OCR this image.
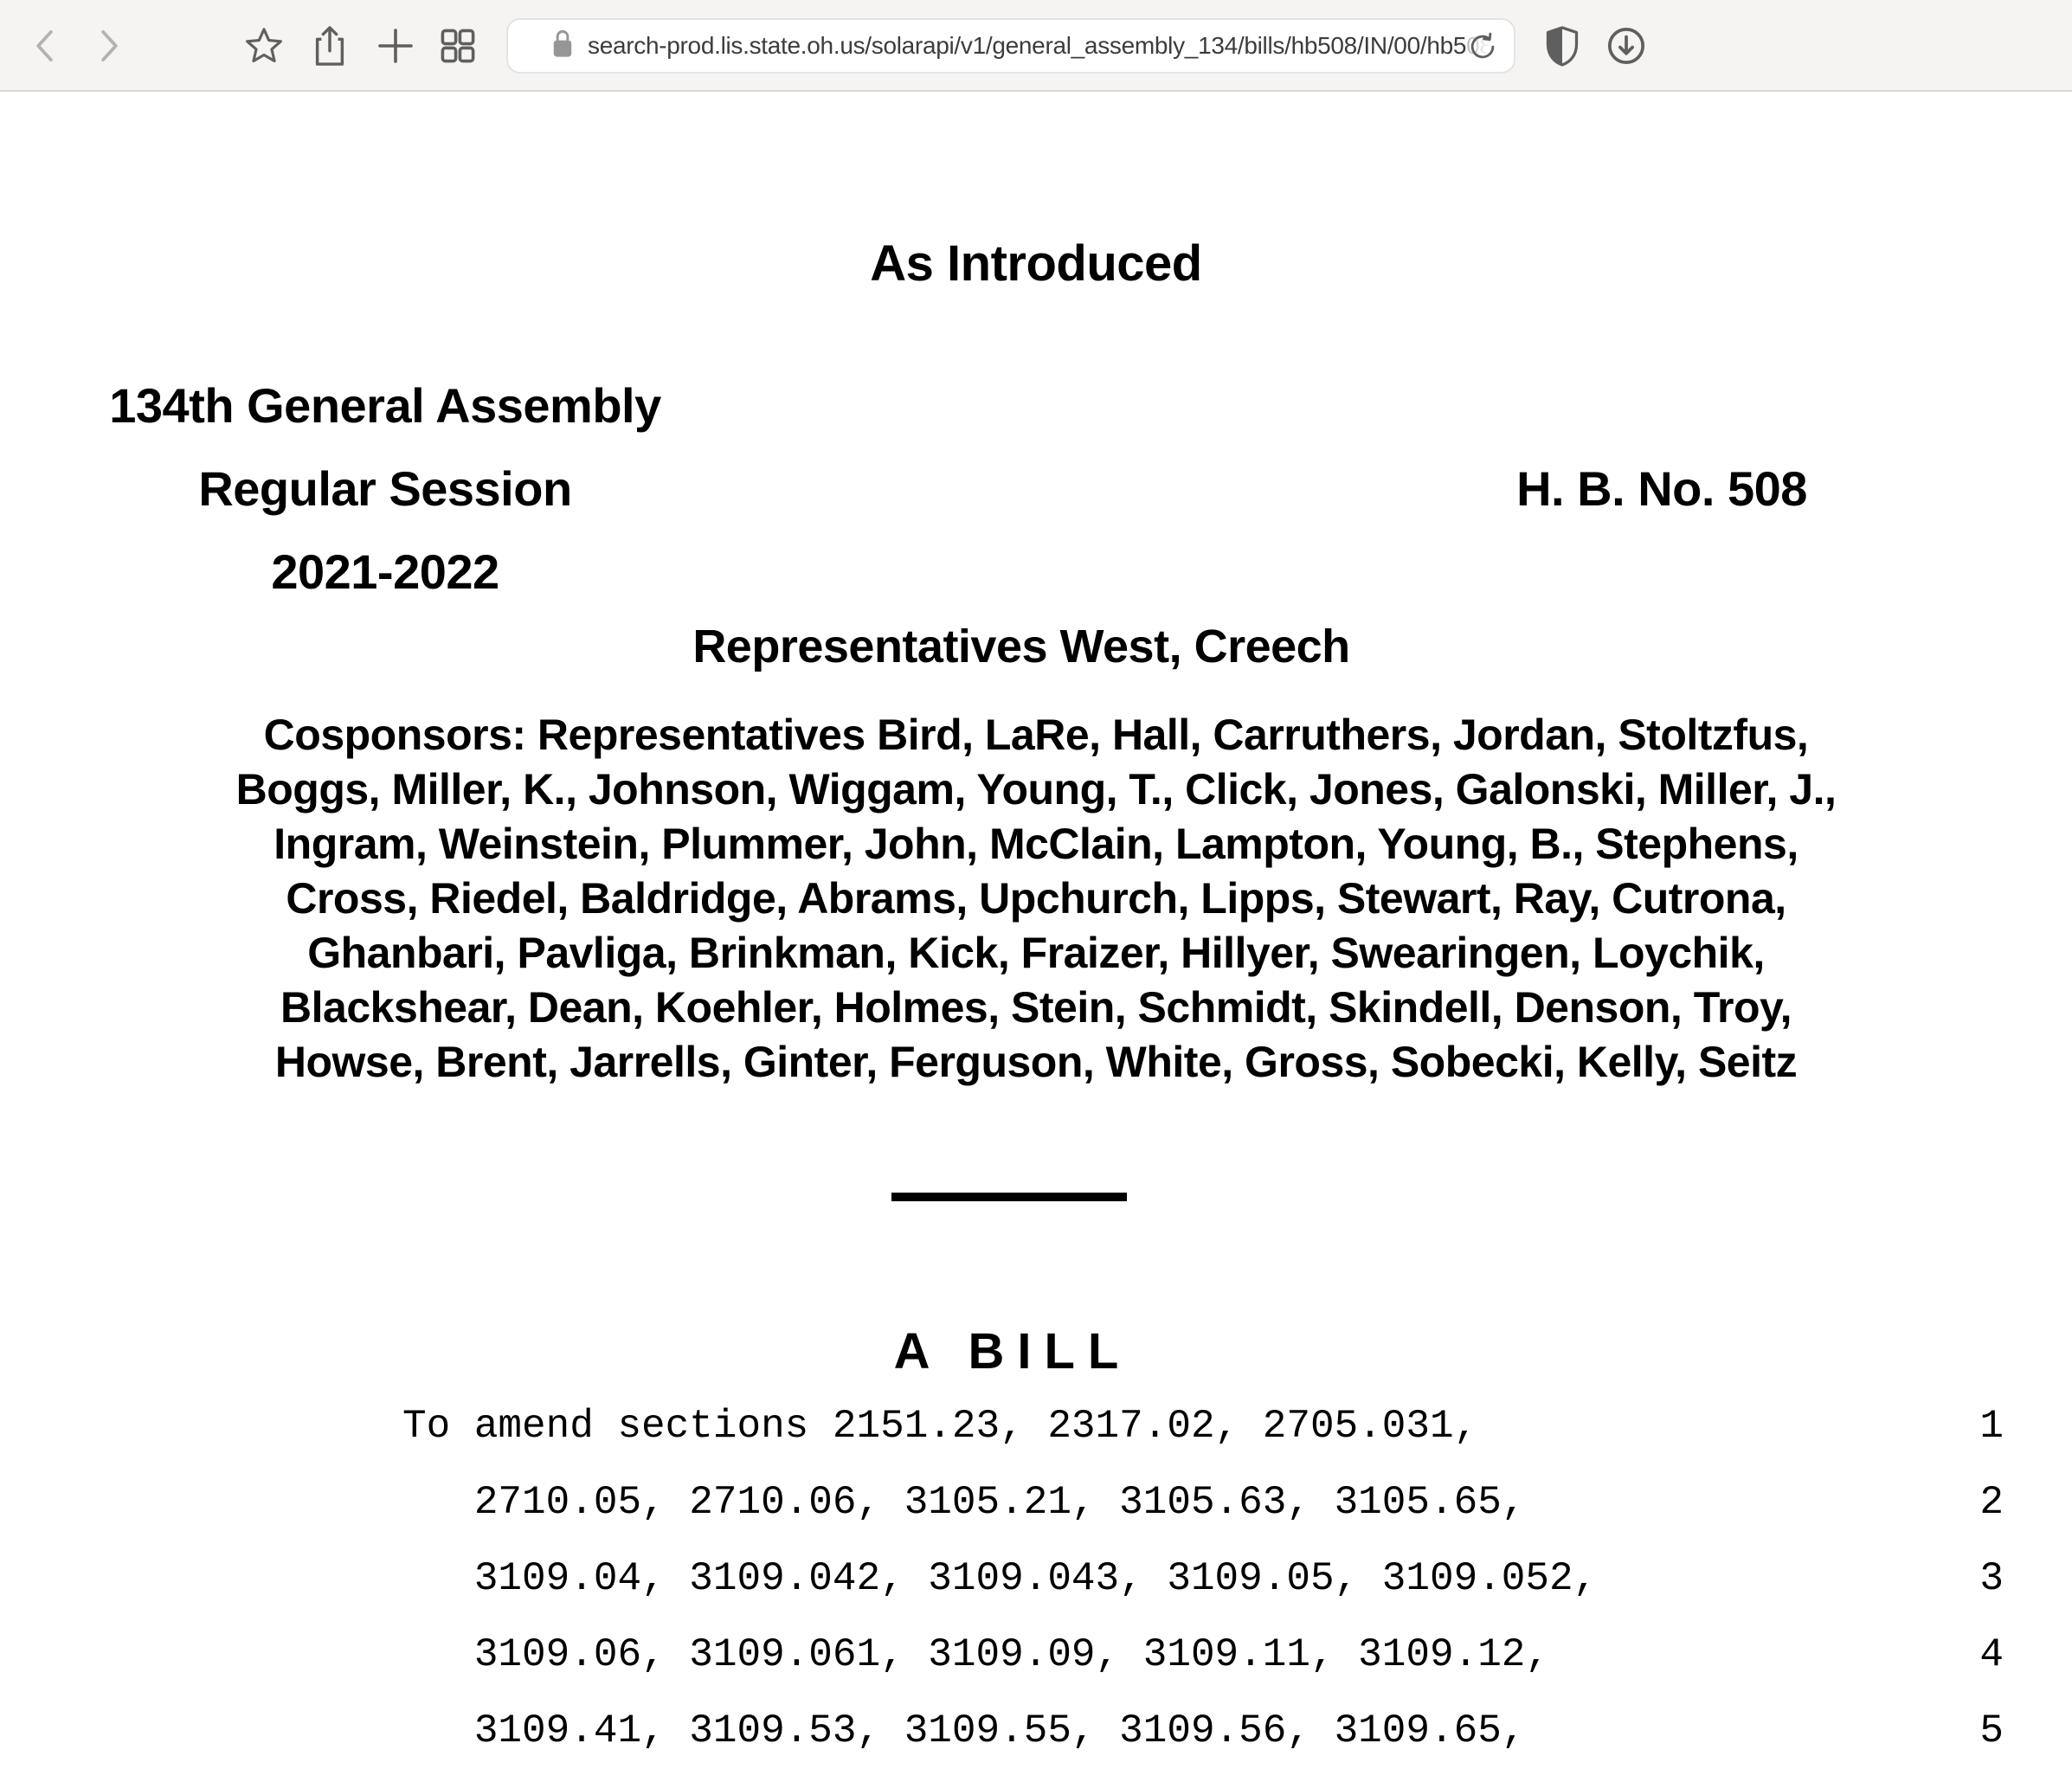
search-prod.lis.state.oh.us/solarapi/v1/general_assembly_134/bills/hb508/IN/00/hb508
As Introduced
134th General Assembly
Regular Session
2021-2022
H. B. No. 508
Representatives West, Creech
Cosponsors: Representatives Bird, LaRe, Hall, Carruthers, Jordan, Stoltzfus,
Boggs, Miller, K., Johnson, Wiggam, Young, T., Click, Jones, Galonski, Miller, J.,
Ingram, Weinstein, Plummer, John, McClain, Lampton, Young, B., Stephens,
Cross, Riedel, Baldridge, Abrams, Upchurch, Lipps, Stewart, Ray, Cutrona,
Ghanbari, Pavliga, Brinkman, Kick, Fraizer, Hillyer, Swearingen, Loychik,
Blackshear, Dean, Koehler, Holmes, Stein, Schmidt, Skindell, Denson, Troy,
Howse, Brent, Jarrells, Ginter, Ferguson, White, Gross, Sobecki, Kelly, Seitz
A BILL
To amend sections 2151.23, 2317.02, 2705.031,	1
2710.05, 2710.06, 3105.21, 3105.63, 3105.65,	2
3109.04, 3109.042, 3109.043, 3109.05, 3109.052,	3
3109.06, 3109.061, 3109.09, 3109.11, 3109.12,	4
3109.41, 3109.53, 3109.55, 3109.56, 3109.65,	5
